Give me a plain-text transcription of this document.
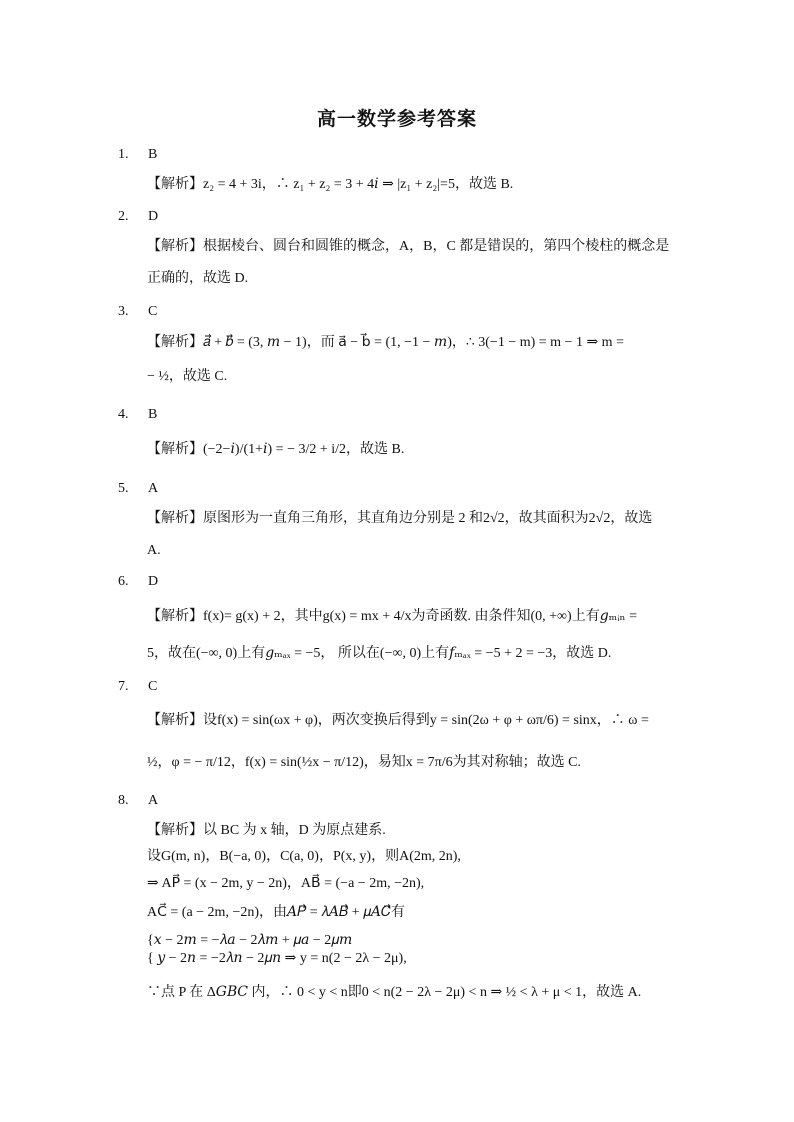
高一数学参考答案
1. B
【解析】z₂ = 4 + 3i，∴ z₁ + z₂ = 3 + 4𝑖 ⇒ |z₁ + z₂|=5，故选 B.
2. D
【解析】根据棱台、圆台和圆锥的概念，A，B，C 都是错误的，第四个棱柱的概念是
正确的，故选 D.
3. C
【解析】𝑎⃗ + 𝑏⃗ = (3, 𝑚 − 1)，而 a⃗ − b⃗ = (1, −1 − 𝑚)，∴ 3(−1 − m) = m − 1 ⇒ m =
− ½，故选 C.
4. B
【解析】(−2−𝑖)/(1+𝑖) = − 3/2 + i/2，故选 B.
5. A
【解析】原图形为一直角三角形，其直角边分别是 2 和2√2，故其面积为2√2，故选
A.
6. D
【解析】f(x)= g(x) + 2，其中g(x) = mx + 4/x为奇函数. 由条件知(0, +∞)上有𝑔ₘᵢₙ =
5，故在(−∞, 0)上有𝑔ₘₐₓ = −5， 所以在(−∞, 0)上有𝑓ₘₐₓ = −5 + 2 = −3，故选 D.
7. C
【解析】设f(x) = sin(ωx + φ)，两次变换后得到y = sin(2ω + φ + ωπ/6) = sinx，∴ ω =
½，φ = − π/12，f(x) = sin(½x − π/12)，易知x = 7π/6为其对称轴；故选 C.
8. A
【解析】以 BC 为 x 轴，D 为原点建系.
设G(m, n)，B(−a, 0)，C(a, 0)，P(x, y)，则A(2m, 2n),
⇒ AP⃗ = (x − 2m, y − 2n)，AB⃗ = (−a − 2m, −2n),
AC⃗ = (a − 2m, −2n)，由𝐴𝑃⃗ = 𝜆𝐴𝐵⃗ + 𝜇𝐴𝐶⃗有
{𝑥 − 2𝑚 = −𝜆𝑎 − 2𝜆𝑚 + 𝜇𝑎 − 2𝜇𝑚
{ 𝑦 − 2𝑛 = −2𝜆𝑛 − 2𝜇𝑛 ⇒ y = n(2 − 2λ − 2μ),
∵点 P 在 Δ𝐺𝐵𝐶 内，∴ 0 < y < n即0 < n(2 − 2λ − 2μ) < n ⇒ ½ < λ + μ < 1，故选 A.
